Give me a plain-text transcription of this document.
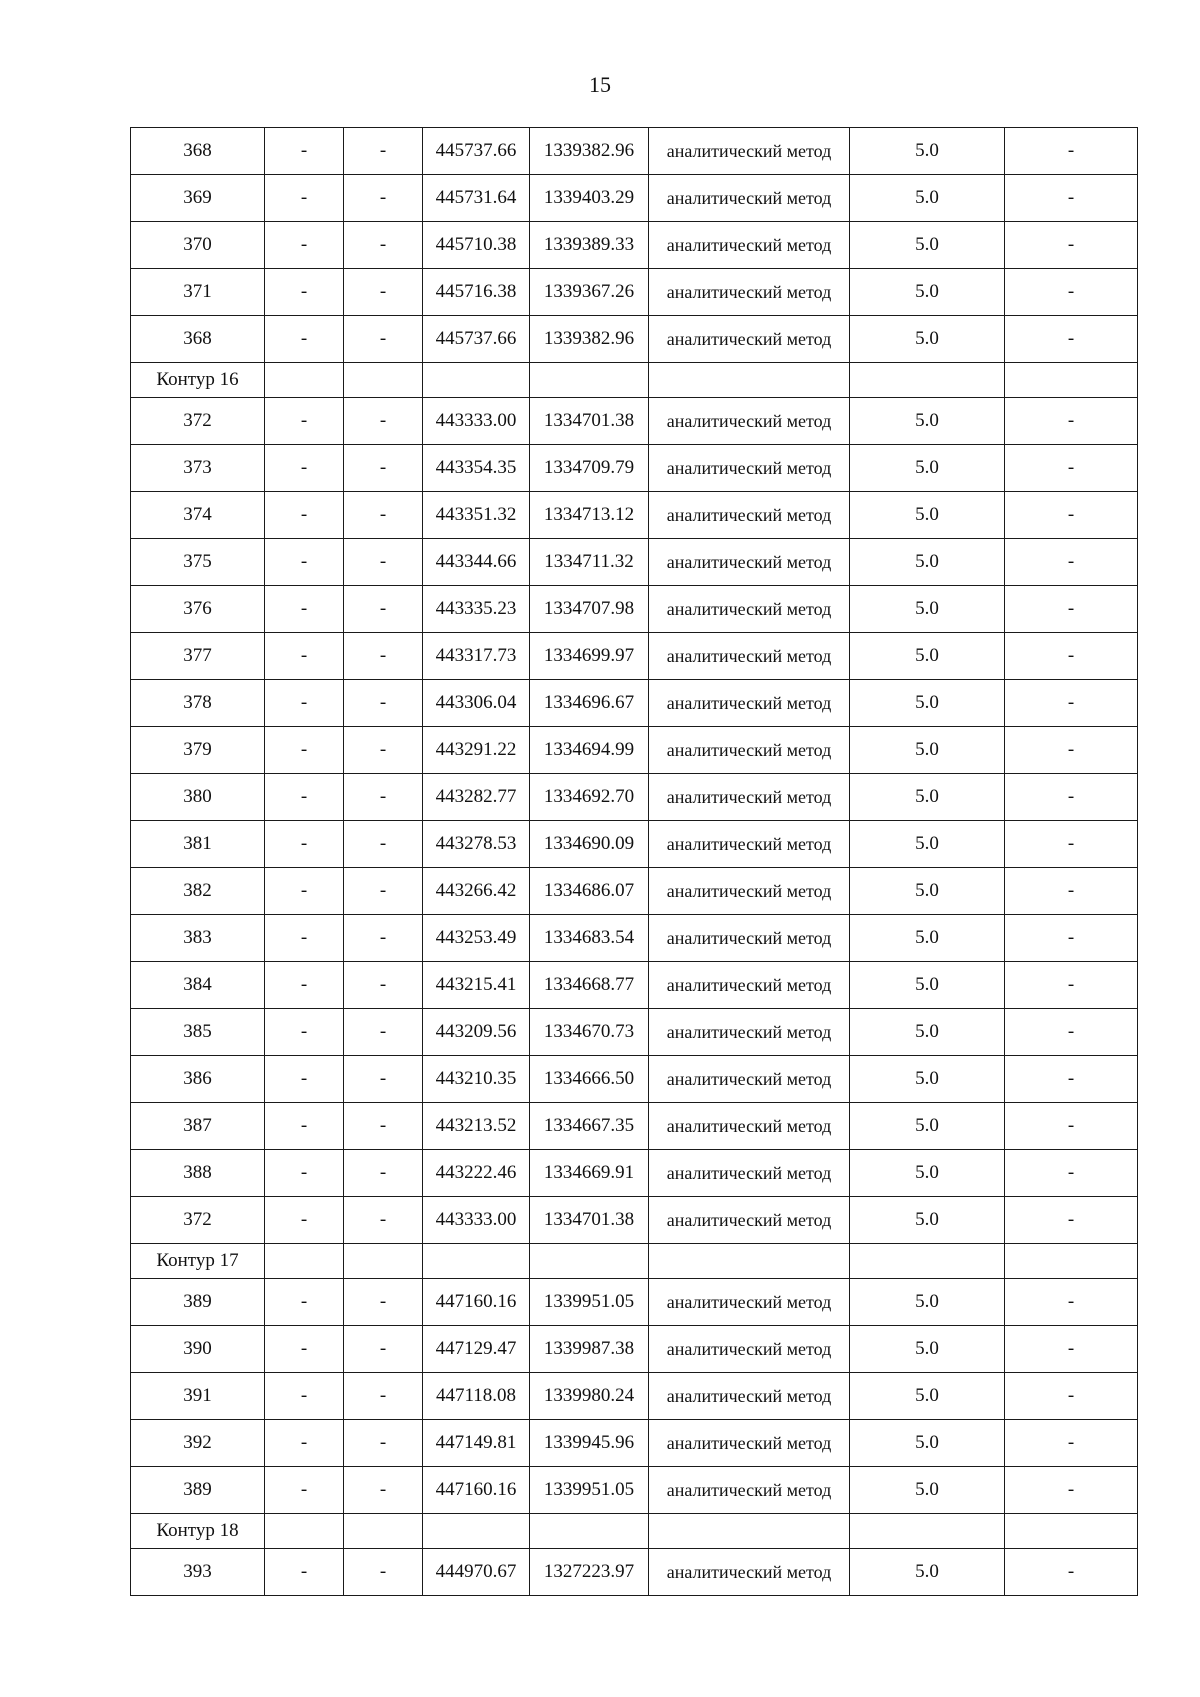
15
368	-	-	445737.66	1339382.96	аналитический метод	5.0	-
369	-	-	445731.64	1339403.29	аналитический метод	5.0	-
370	-	-	445710.38	1339389.33	аналитический метод	5.0	-
371	-	-	445716.38	1339367.26	аналитический метод	5.0	-
368	-	-	445737.66	1339382.96	аналитический метод	5.0	-
Контур 16							
372	-	-	443333.00	1334701.38	аналитический метод	5.0	-
373	-	-	443354.35	1334709.79	аналитический метод	5.0	-
374	-	-	443351.32	1334713.12	аналитический метод	5.0	-
375	-	-	443344.66	1334711.32	аналитический метод	5.0	-
376	-	-	443335.23	1334707.98	аналитический метод	5.0	-
377	-	-	443317.73	1334699.97	аналитический метод	5.0	-
378	-	-	443306.04	1334696.67	аналитический метод	5.0	-
379	-	-	443291.22	1334694.99	аналитический метод	5.0	-
380	-	-	443282.77	1334692.70	аналитический метод	5.0	-
381	-	-	443278.53	1334690.09	аналитический метод	5.0	-
382	-	-	443266.42	1334686.07	аналитический метод	5.0	-
383	-	-	443253.49	1334683.54	аналитический метод	5.0	-
384	-	-	443215.41	1334668.77	аналитический метод	5.0	-
385	-	-	443209.56	1334670.73	аналитический метод	5.0	-
386	-	-	443210.35	1334666.50	аналитический метод	5.0	-
387	-	-	443213.52	1334667.35	аналитический метод	5.0	-
388	-	-	443222.46	1334669.91	аналитический метод	5.0	-
372	-	-	443333.00	1334701.38	аналитический метод	5.0	-
Контур 17							
389	-	-	447160.16	1339951.05	аналитический метод	5.0	-
390	-	-	447129.47	1339987.38	аналитический метод	5.0	-
391	-	-	447118.08	1339980.24	аналитический метод	5.0	-
392	-	-	447149.81	1339945.96	аналитический метод	5.0	-
389	-	-	447160.16	1339951.05	аналитический метод	5.0	-
Контур 18							
393	-	-	444970.67	1327223.97	аналитический метод	5.0	-
